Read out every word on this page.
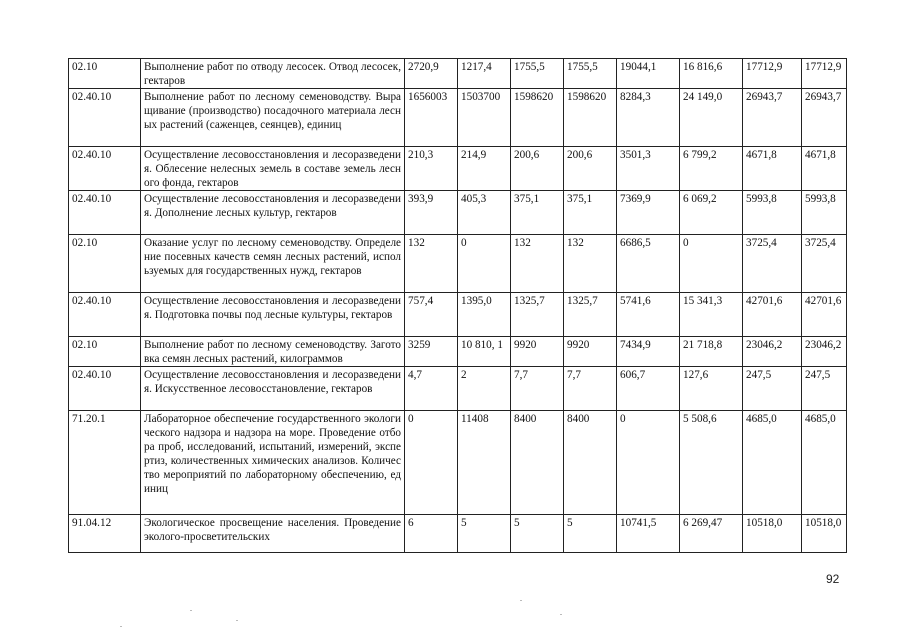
02.10	Выполнение работ по отводу лесосек. Отвод лесосек, гектаров	2720,9	1217,4	1755,5	1755,5	19044,1	16 816,6	17712,9	17712,9
02.40.10	Выполнение работ по лесному семеноводству. Выращивание (производство) посадочного материала лесных растений (саженцев, сеянцев), единиц	1656003	1503700	1598620	1598620	8284,3	24 149,0	26943,7	26943,7
02.40.10	Осуществление лесовосстановления и лесоразведения. Облесение нелесных земель в составе земель лесного фонда, гектаров	210,3	214,9	200,6	200,6	3501,3	6 799,2	4671,8	4671,8
02.40.10	Осуществление лесовосстановления и лесоразведения. Дополнение лесных культур, гектаров	393,9	405,3	375,1	375,1	7369,9	6 069,2	5993,8	5993,8
02.10	Оказание услуг по лесному семеноводству. Определение посевных качеств семян лесных растений, используемых для государственных нужд, гектаров	132	0	132	132	6686,5	0	3725,4	3725,4
02.40.10	Осуществление лесовосстановления и лесоразведения. Подготовка почвы под лесные культуры, гектаров	757,4	1395,0	1325,7	1325,7	5741,6	15 341,3	42701,6	42701,6
02.10	Выполнение работ по лесному семеноводству. Заготовка семян лесных растений, килограммов	3259	10 810, 1	9920	9920	7434,9	21 718,8	23046,2	23046,2
02.40.10	Осуществление лесовосстановления и лесоразведения. Искусственное лесовосстановление, гектаров	4,7	2	7,7	7,7	606,7	127,6	247,5	247,5
71.20.1	Лабораторное обеспечение государственного экологического надзора и надзора на море. Проведение отбора проб, исследований, испытаний, измерений, экспертиз, количественных химических анализов. Количество мероприятий по лабораторному обеспечению, единиц	0	11408	8400	8400	0	5 508,6	4685,0	4685,0
91.04.12	Экологическое просвещение населения. Проведение эколого-просветительских	6	5	5	5	10741,5	6 269,47	10518,0	10518,0
92
